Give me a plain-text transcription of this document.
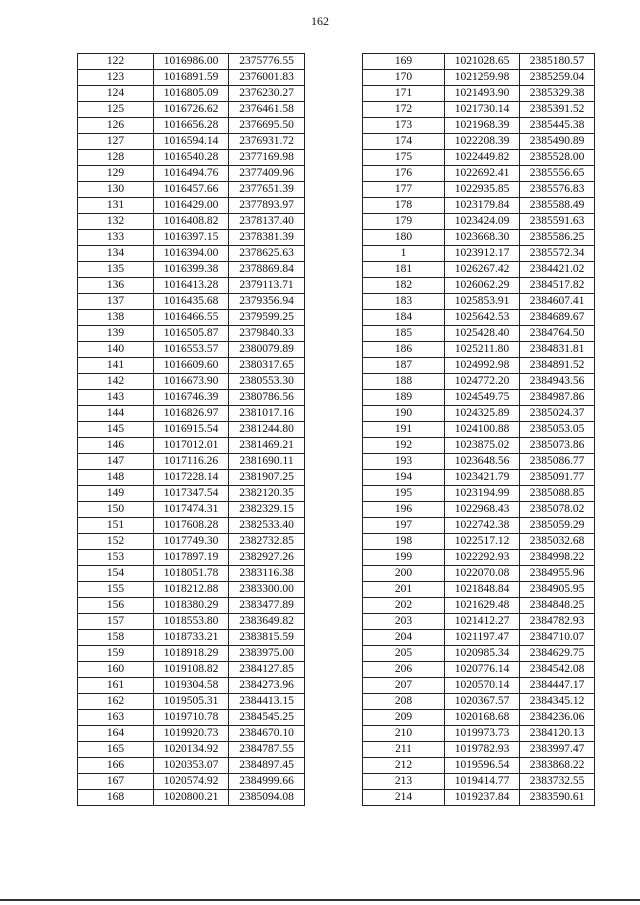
162
122	1016986.00	2375776.55
123	1016891.59	2376001.83
124	1016805.09	2376230.27
125	1016726.62	2376461.58
126	1016656.28	2376695.50
127	1016594.14	2376931.72
128	1016540.28	2377169.98
129	1016494.76	2377409.96
130	1016457.66	2377651.39
131	1016429.00	2377893.97
132	1016408.82	2378137.40
133	1016397.15	2378381.39
134	1016394.00	2378625.63
135	1016399.38	2378869.84
136	1016413.28	2379113.71
137	1016435.68	2379356.94
138	1016466.55	2379599.25
139	1016505.87	2379840.33
140	1016553.57	2380079.89
141	1016609.60	2380317.65
142	1016673.90	2380553.30
143	1016746.39	2380786.56
144	1016826.97	2381017.16
145	1016915.54	2381244.80
146	1017012.01	2381469.21
147	1017116.26	2381690.11
148	1017228.14	2381907.25
149	1017347.54	2382120.35
150	1017474.31	2382329.15
151	1017608.28	2382533.40
152	1017749.30	2382732.85
153	1017897.19	2382927.26
154	1018051.78	2383116.38
155	1018212.88	2383300.00
156	1018380.29	2383477.89
157	1018553.80	2383649.82
158	1018733.21	2383815.59
159	1018918.29	2383975.00
160	1019108.82	2384127.85
161	1019304.58	2384273.96
162	1019505.31	2384413.15
163	1019710.78	2384545.25
164	1019920.73	2384670.10
165	1020134.92	2384787.55
166	1020353.07	2384897.45
167	1020574.92	2384999.66
168	1020800.21	2385094.08
169	1021028.65	2385180.57
170	1021259.98	2385259.04
171	1021493.90	2385329.38
172	1021730.14	2385391.52
173	1021968.39	2385445.38
174	1022208.39	2385490.89
175	1022449.82	2385528.00
176	1022692.41	2385556.65
177	1022935.85	2385576.83
178	1023179.84	2385588.49
179	1023424.09	2385591.63
180	1023668.30	2385586.25
1	1023912.17	2385572.34
181	1026267.42	2384421.02
182	1026062.29	2384517.82
183	1025853.91	2384607.41
184	1025642.53	2384689.67
185	1025428.40	2384764.50
186	1025211.80	2384831.81
187	1024992.98	2384891.52
188	1024772.20	2384943.56
189	1024549.75	2384987.86
190	1024325.89	2385024.37
191	1024100.88	2385053.05
192	1023875.02	2385073.86
193	1023648.56	2385086.77
194	1023421.79	2385091.77
195	1023194.99	2385088.85
196	1022968.43	2385078.02
197	1022742.38	2385059.29
198	1022517.12	2385032.68
199	1022292.93	2384998.22
200	1022070.08	2384955.96
201	1021848.84	2384905.95
202	1021629.48	2384848.25
203	1021412.27	2384782.93
204	1021197.47	2384710.07
205	1020985.34	2384629.75
206	1020776.14	2384542.08
207	1020570.14	2384447.17
208	1020367.57	2384345.12
209	1020168.68	2384236.06
210	1019973.73	2384120.13
211	1019782.93	2383997.47
212	1019596.54	2383868.22
213	1019414.77	2383732.55
214	1019237.84	2383590.61
